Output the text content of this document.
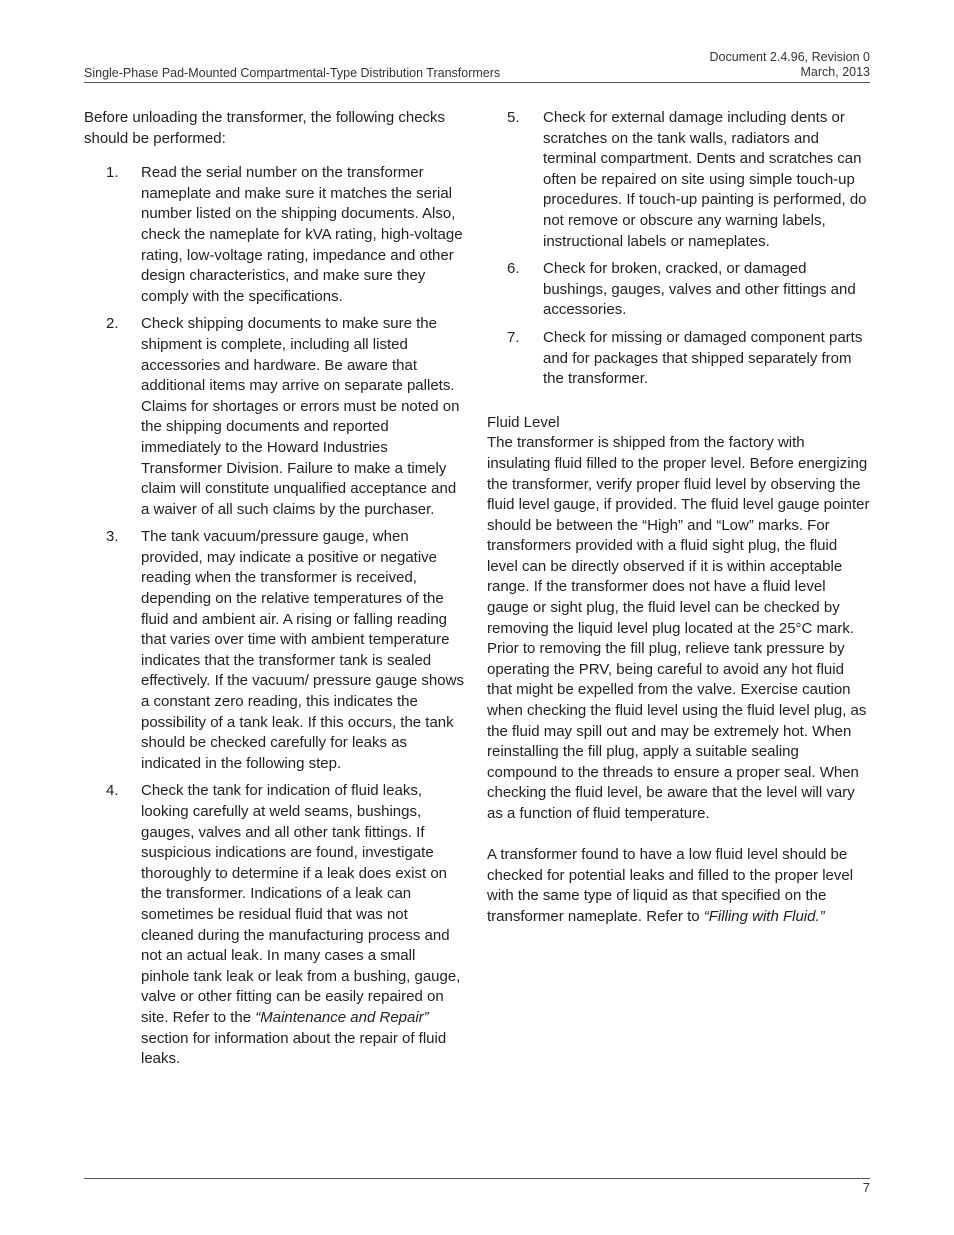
Document 2.4.96, Revision 0
March, 2013
Single-Phase Pad-Mounted Compartmental-Type Distribution Transformers

Before unloading the transformer, the following checks should be performed:

1. Read the serial number on the transformer nameplate and make sure it matches the serial number listed on the shipping documents. Also, check the nameplate for kVA rating, high-voltage rating, low-voltage rating, impedance and other design characteristics, and make sure they comply with the specifications.
2. Check shipping documents to make sure the shipment is complete, including all listed accessories and hardware. Be aware that additional items may arrive on separate pallets. Claims for shortages or errors must be noted on the shipping documents and reported immediately to the Howard Industries Transformer Division. Failure to make a timely claim will constitute unqualified acceptance and a waiver of all such claims by the purchaser.
3. The tank vacuum/pressure gauge, when provided, may indicate a positive or negative reading when the transformer is received, depending on the relative temperatures of the fluid and ambient air. A rising or falling reading that varies over time with ambient temperature indicates that the transformer tank is sealed effectively. If the vacuum/ pressure gauge shows a constant zero reading, this indicates the possibility of a tank leak. If this occurs, the tank should be checked carefully for leaks as indicated in the following step.
4. Check the tank for indication of fluid leaks, looking carefully at weld seams, bushings, gauges, valves and all other tank fittings. If suspicious indications are found, investigate thoroughly to determine if a leak does exist on the transformer. Indications of a leak can sometimes be residual fluid that was not cleaned during the manufacturing process and not an actual leak. In many cases a small pinhole tank leak or leak from a bushing, gauge, valve or other fitting can be easily repaired on site. Refer to the “Maintenance and Repair” section for information about the repair of fluid leaks.
5. Check for external damage including dents or scratches on the tank walls, radiators and terminal compartment. Dents and scratches can often be repaired on site using simple touch-up procedures. If touch-up painting is performed, do not remove or obscure any warning labels, instructional labels or nameplates.
6. Check for broken, cracked, or damaged bushings, gauges, valves and other fittings and accessories.
7. Check for missing or damaged component parts and for packages that shipped separately from the transformer.

Fluid Level

The transformer is shipped from the factory with insulating fluid filled to the proper level. Before energizing the transformer, verify proper fluid level by observing the fluid level gauge, if provided. The fluid level gauge pointer should be between the “High” and “Low” marks. For transformers provided with a fluid sight plug, the fluid level can be directly observed if it is within acceptable range. If the transformer does not have a fluid level gauge or sight plug, the fluid level can be checked by removing the liquid level plug located at the 25°C mark. Prior to removing the fill plug, relieve tank pressure by operating the PRV, being careful to avoid any hot fluid that might be expelled from the valve. Exercise caution when checking the fluid level using the fluid level plug, as the fluid may spill out and may be extremely hot. When reinstalling the fill plug, apply a suitable sealing compound to the threads to ensure a proper seal. When checking the fluid level, be aware that the level will vary as a function of fluid temperature.

A transformer found to have a low fluid level should be checked for potential leaks and filled to the proper level with the same type of liquid as that specified on the transformer nameplate. Refer to “Filling with Fluid.”

7
